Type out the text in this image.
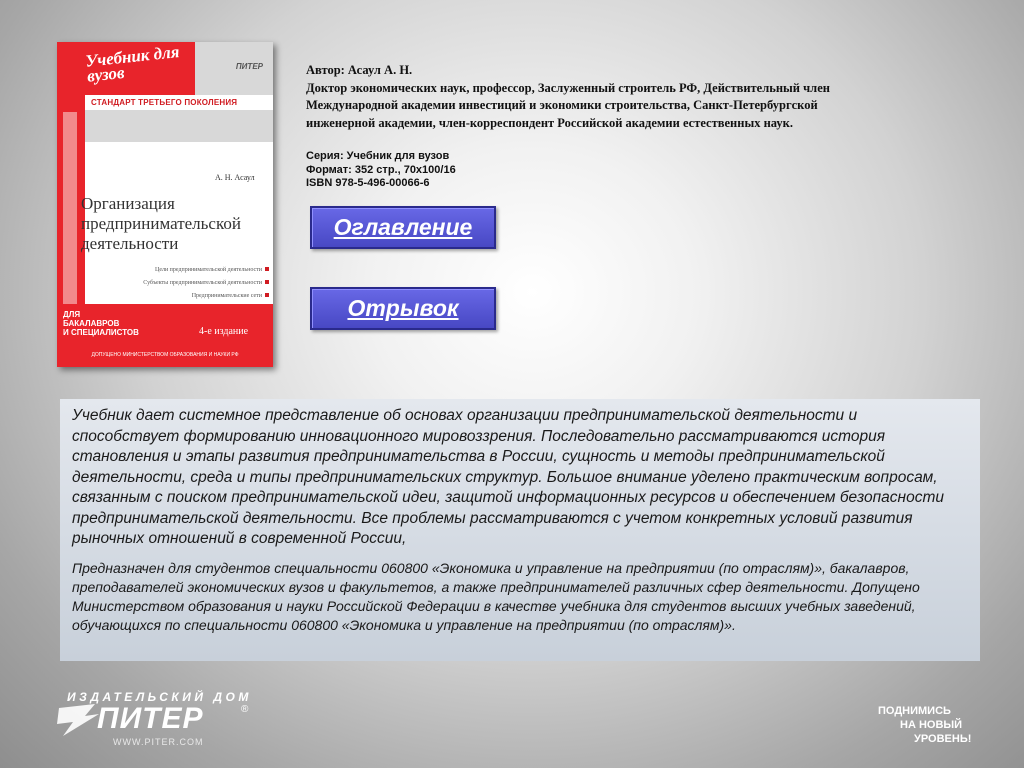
Учебник для вузов	ПИТЕР
СТАНДАРТ ТРЕТЬЕГО ПОКОЛЕНИЯ
А. Н. Асаул
Организация
предпринимательской
деятельности
Цели предпринимательской деятельности
Субъекты предпринимательской деятельности
Предпринимательские сети
ДЛЯ
БАКАЛАВРОВ
И СПЕЦИАЛИСТОВ	4-е издание
ДОПУЩЕНО МИНИСТЕРСТВОМ ОБРАЗОВАНИЯ И НАУКИ РФ
Автор: Асаул А. Н.
Доктор экономических наук, профессор, Заслуженный строитель РФ, Действительный член
Международной академии инвестиций и экономики строительства, Санкт-Петербургской
инженерной академии, член-корреспондент Российской академии естественных наук.
Серия: Учебник для вузов
Формат: 352 стр., 70x100/16
ISBN 978-5-496-00066-6
Оглавление
Отрывок

Учебник дает системное представление об основах организации предпринимательской деятельности и способствует формированию инновационного мировоззрения. Последовательно рассматриваются история становления и этапы развития предпринимательства в России, сущность и методы предпринимательской деятельности, среда и типы предпринимательских структур. Большое внимание уделено практическим вопросам, связанным с поиском предпринимательской идеи, защитой информационных ресурсов и обеспечением безопасности предпринимательской деятельности. Все проблемы рассматриваются с учетом конкретных условий развития рыночных отношений в современной России,

Предназначен для студентов специальности 060800 «Экономика и управление на предприятии (по отраслям)», бакалавров, преподавателей экономических вузов и факультетов, а также предпринимателей различных сфер деятельности. Допущено Министерством образования и науки Российской Федерации в качестве учебника для студентов высших учебных заведений, обучающихся по специальности 060800 «Экономика и управление на предприятии (по отраслям)».

ИЗДАТЕЛЬСКИЙ ДОМ
ПИТЕР	®
WWW.PITER.COM
ПОДНИМИСЬ
НА НОВЫЙ
УРОВЕНЬ!
